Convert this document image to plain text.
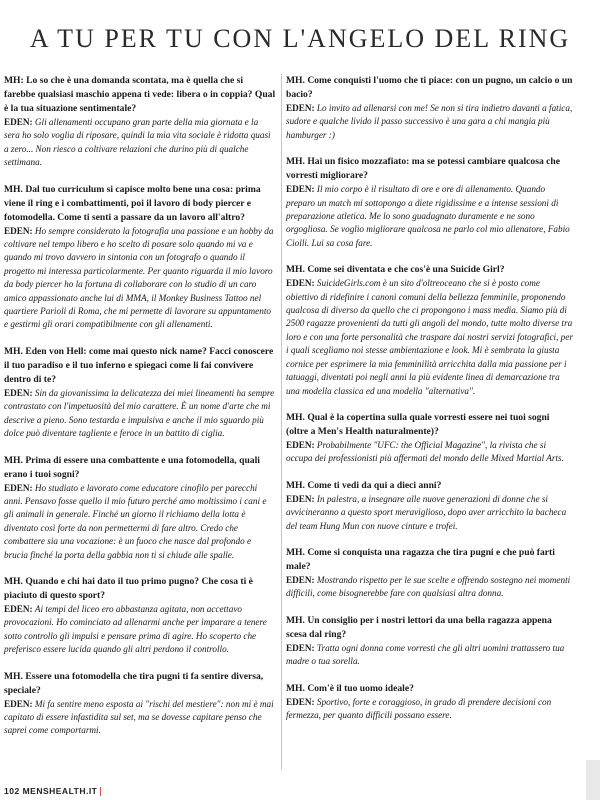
A TU PER TU CON L'ANGELO DEL RING

MH: Lo so che è una domanda scontata, ma è quella che si farebbe qualsiasi maschio appena ti vede: libera o in coppia? Qual è la tua situazione sentimentale?

EDEN: Gli allenamenti occupano gran parte della mia giornata e la sera ho solo voglia di riposare, quindi la mia vita sociale è ridotta quasi a zero... Non riesco a coltivare relazioni che durino più di qualche settimana.

MH. Dal tuo curriculum si capisce molto bene una cosa: prima viene il ring e i combattimenti, poi il lavoro di body piercer e fotomodella. Come ti senti a passare da un lavoro all'altro?

EDEN: Ho sempre considerato la fotografia una passione e un hobby da coltivare nel tempo libero e ho scelto di posare solo quando mi va e quando mi trovo davvero in sintonia con un fotografo o quando il progetto mi interessa particolarmente. Per quanto riguarda il mio lavoro da body piercer ho la fortuna di collaborare con lo studio di un caro amico appassionato anche lui di MMA, il Monkey Business Tattoo nel quartiere Parioli di Roma, che mi permette di lavorare su appuntamento e gestirmi gli orari compatibilmente con gli allenamenti.

MH. Eden von Hell: come mai questo nick name? Facci conoscere il tuo paradiso e il tuo inferno e spiegaci come li fai convivere dentro di te?

EDEN: Sin da giovanissima la delicatezza dei miei lineamenti ha sempre contrastato con l'impetuosità del mio carattere. È un nome d'arte che mi descrive a pieno. Sono testarda e impulsiva e anche il mio sguardo più dolce può diventare tagliente e feroce in un battito di ciglia.

MH. Prima di essere una combattente e una fotomodella, quali erano i tuoi sogni?

EDEN: Ho studiato e lavorato come educatore cinofilo per parecchi anni. Pensavo fosse quello il mio futuro perché amo moltissimo i cani e gli animali in generale. Finché un giorno il richiamo della lotta è diventato così forte da non permettermi di fare altro. Credo che combattere sia una vocazione: è un fuoco che nasce dal profondo e brucia finché la porta della gabbia non ti si chiude alle spalle.

MH. Quando e chi hai dato il tuo primo pugno? Che cosa ti è piaciuto di questo sport?

EDEN: Ai tempi del liceo ero abbastanza agitata, non accettavo provocazioni. Ho cominciato ad allenarmi anche per imparare a tenere sotto controllo gli impulsi e pensare prima di agire. Ho scoperto che preferisco essere lucida quando gli altri perdono il controllo.

MH. Essere una fotomodella che tira pugni ti fa sentire diversa, speciale?

EDEN: Mi fa sentire meno esposta ai "rischi del mestiere": non mi è mai capitato di essere infastidita sul set, ma se dovesse capitare penso che saprei come comportarmi.

MH. Come conquisti l'uomo che ti piace: con un pugno, un calcio o un bacio?

EDEN: Lo invito ad allenarsi con me! Se non si tira indietro davanti a fatica, sudore e qualche livido il passo successivo è una gara a chi mangia più hamburger :)

MH. Hai un fisico mozzafiato: ma se potessi cambiare qualcosa che vorresti migliorare?

EDEN: Il mio corpo è il risultato di ore e ore di allenamento. Quando preparo un match mi sottopongo a diete rigidissime e a intense sessioni di preparazione atletica. Me lo sono guadagnato duramente e ne sono orgogliosa. Se voglio migliorare qualcosa ne parlo col mio allenatore, Fabio Ciolli. Lui sa cosa fare.

MH. Come sei diventata e che cos'è una Suicide Girl?

EDEN: SuicideGirls.com è un sito d'oltreoceano che si è posto come obiettivo di ridefinire i canoni comuni della bellezza femminile, proponendo qualcosa di diverso da quello che ci propongono i mass media. Siamo più di 2500 ragazze provenienti da tutti gli angoli del mondo, tutte molto diverse tra loro e con una forte personalità che traspare dai nostri servizi fotografici, per i quali scegliamo noi stesse ambientazione e look. Mi è sembrata la giusta cornice per esprimere la mia femminilità arricchita dalla mia passione per i tatuaggi, diventati poi negli anni la più evidente linea di demarcazione tra una modella classica ed una modella "alternativa".

MH. Qual è la copertina sulla quale vorresti essere nei tuoi sogni (oltre a Men's Health naturalmente)?

EDEN: Probabilmente "UFC: the Official Magazine", la rivista che si occupa dei professionisti più affermati del mondo delle Mixed Martial Arts.

MH. Come ti vedi da qui a dieci anni?

EDEN: In palestra, a insegnare alle nuove generazioni di donne che si avvicineranno a questo sport meraviglioso, dopo aver arricchito la bacheca del team Hung Mun con nuove cinture e trofei.

MH. Come si conquista una ragazza che tira pugni e che può farti male?

EDEN: Mostrando rispetto per le sue scelte e offrendo sostegno nei momenti difficili, come bisognerebbe fare con qualsiasi altra donna.

MH. Un consiglio per i nostri lettori da una bella ragazza appena scesa dal ring?

EDEN: Tratta ogni donna come vorresti che gli altri uomini trattassero tua madre o tua sorella.

MH. Com'è il tuo uomo ideale?

EDEN: Sportivo, forte e coraggioso, in grado di prendere decisioni con fermezza, per quanto difficili possano essere.

102 MENSHEALTH.IT
